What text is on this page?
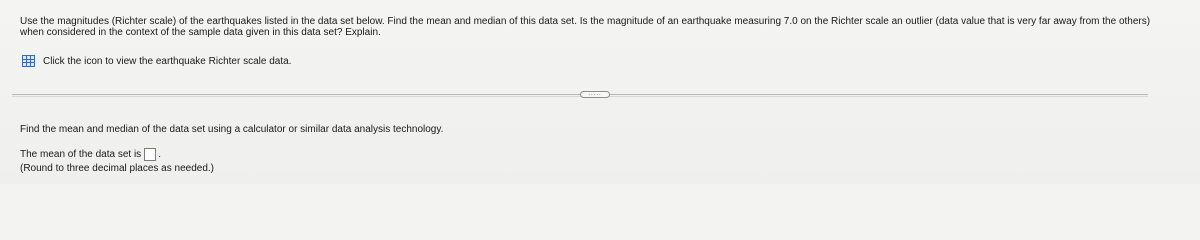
Use the magnitudes (Richter scale) of the earthquakes listed in the data set below. Find the mean and median of this data set. Is the magnitude of an earthquake measuring 7.0 on the Richter scale an outlier (data value that is very far away from the others) when considered in the context of the sample data given in this data set? Explain.
Click the icon to view the earthquake Richter scale data.
.....
Find the mean and median of the data set using a calculator or similar data analysis technology.
The mean of the data set is .
(Round to three decimal places as needed.)
